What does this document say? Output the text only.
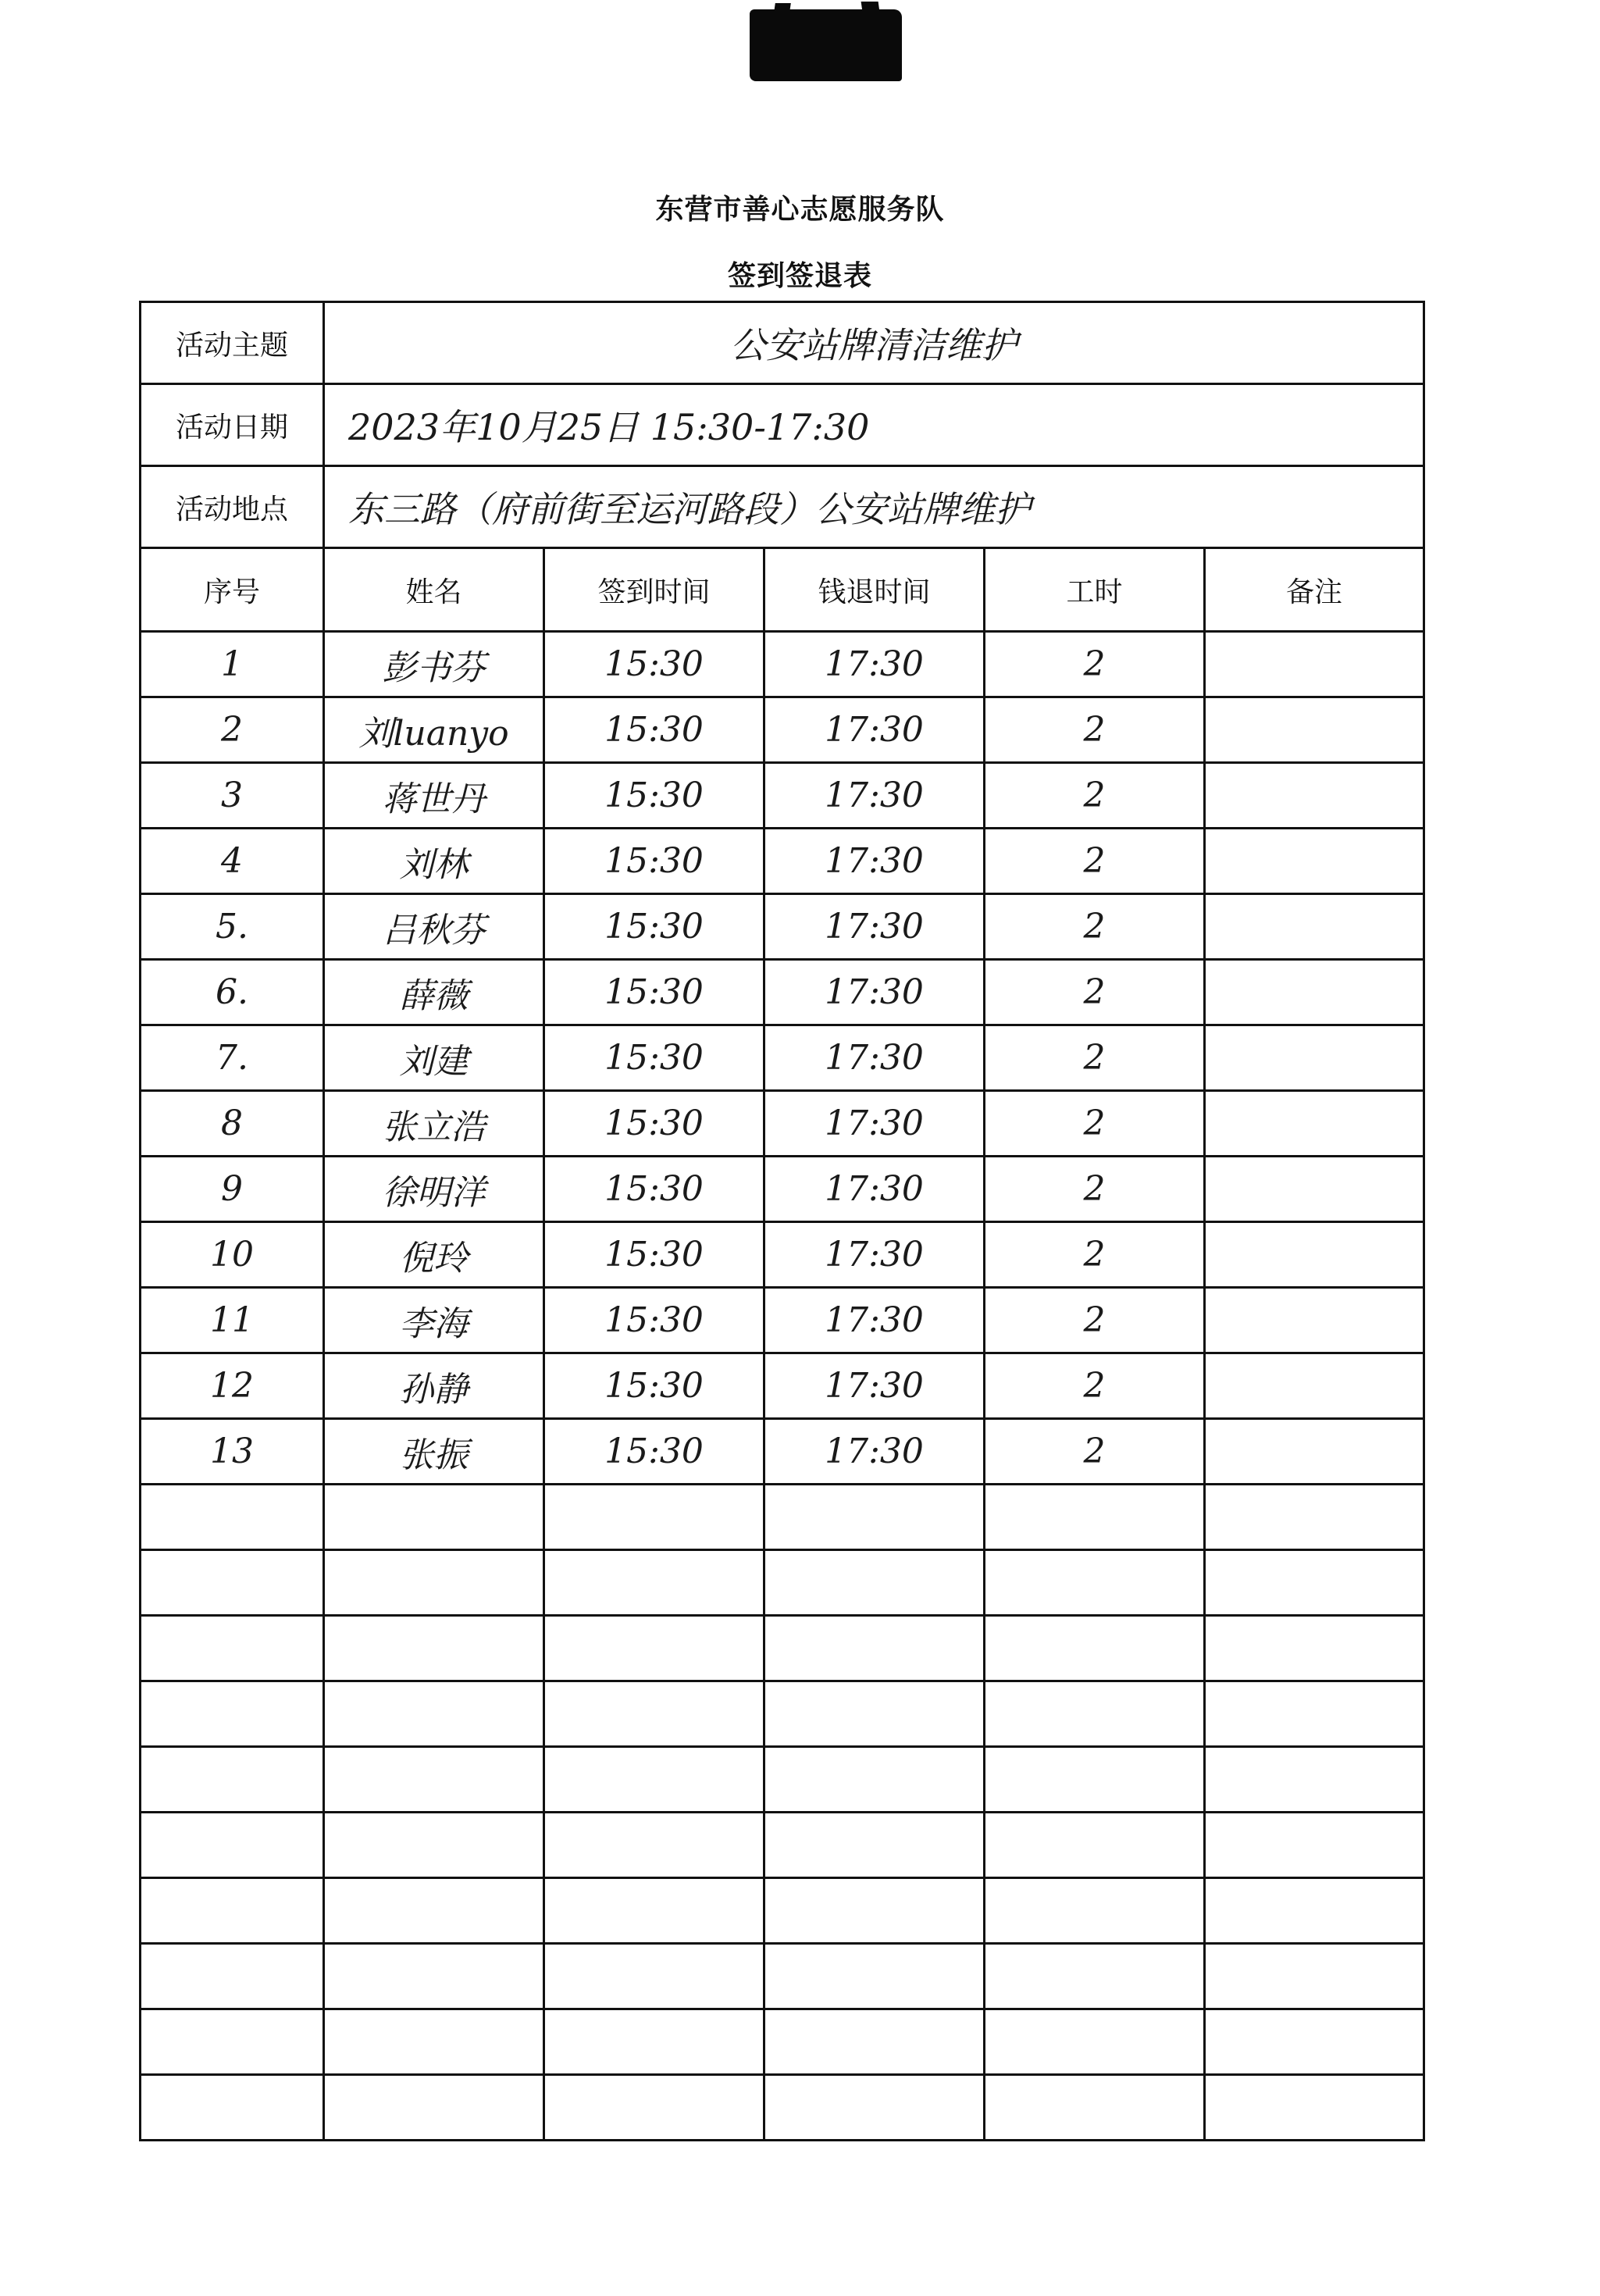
东营市善心志愿服务队
签到签退表
活动主题	公安站牌清洁维护				
活动日期	2023年10月25日 15:30-17:30				
活动地点	东三路（府前街至运河路段）公安站牌维护				
序号	姓名	签到时间	钱退时间	工时	备注
1	彭书芬	15:30	17:30	2	
2	刘luanyo	15:30	17:30	2	
3	蒋世丹	15:30	17:30	2	
4	刘林	15:30	17:30	2	
5.	吕秋芬	15:30	17:30	2	
6.	薛薇	15:30	17:30	2	
7.	刘建	15:30	17:30	2	
8	张立浩	15:30	17:30	2	
9	徐明洋	15:30	17:30	2	
10	倪玲	15:30	17:30	2	
11	李海	15:30	17:30	2	
12	孙静	15:30	17:30	2	
13	张振	15:30	17:30	2	
